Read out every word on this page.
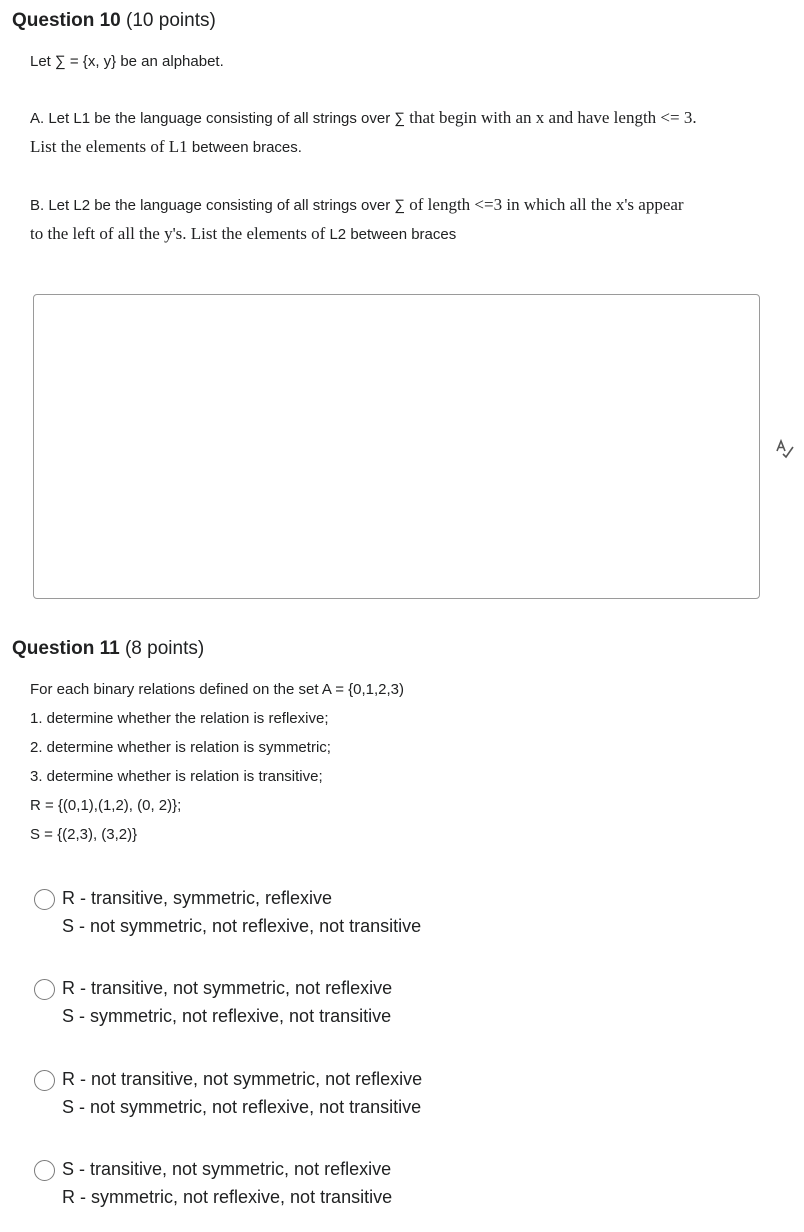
Question 10 (10 points)
Let ∑ = {x, y} be an alphabet.
A. Let L1 be the language consisting of all strings over ∑ that begin with an x and have length <= 3.
List the elements of L1 between braces.
B. Let L2 be the language consisting of all strings over ∑ of length <=3 in which all the x's appear
to the left of all the y's. List the elements of L2 between braces
Question 11 (8 points)
For each binary relations defined on the set A = {0,1,2,3)
1. determine whether the relation is reflexive;
2. determine whether is relation is symmetric;
3. determine whether is relation is transitive;
R = {(0,1),(1,2), (0, 2)};
S = {(2,3), (3,2)}
R - transitive, symmetric, reflexive
S - not symmetric, not reflexive, not transitive
R - transitive, not symmetric, not reflexive
S - symmetric, not reflexive, not transitive
R - not transitive, not symmetric, not reflexive
S - not symmetric, not reflexive, not transitive
S - transitive, not symmetric, not reflexive
R - symmetric, not reflexive, not transitive
